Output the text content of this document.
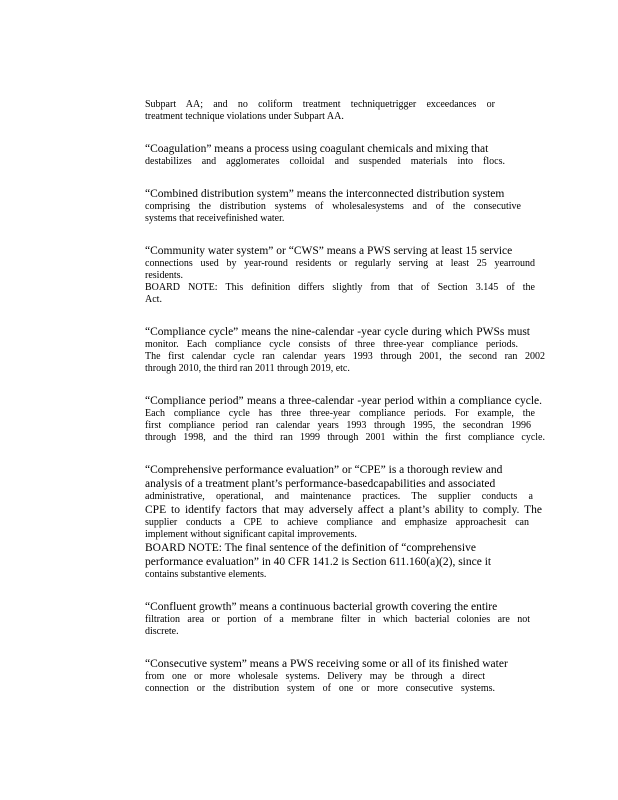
Subpart AA; and no coliform treatment techniquetrigger exceedances or
treatment technique violations under Subpart AA.
“Coagulation” means a process using coagulant chemicals and mixing that
destabilizes and agglomerates colloidal and suspended materials into flocs.
“Combined distribution system” means the interconnected distribution system
comprising the distribution systems of wholesalesystems and of the consecutive
systems that receivefinished water.
“Community water system” or “CWS” means a PWS serving at least 15 service
connections used by year-round residents or regularly serving at least 25 yearround
residents.
BOARD NOTE: This definition differs slightly from that of Section 3.145 of the
Act.
“Compliance cycle” means the nine-calendar -year cycle during which PWSs must
monitor. Each compliance cycle consists of three three-year compliance periods.
The first calendar cycle ran calendar years 1993 through 2001, the second ran 2002
through 2010, the third ran 2011 through 2019, etc.
“Compliance period” means a three-calendar -year period within a compliance cycle.
Each compliance cycle has three three-year compliance periods. For example, the
first compliance period ran calendar years 1993 through 1995, the secondran 1996
through 1998, and the third ran 1999 through 2001 within the first compliance cycle.
“Comprehensive performance evaluation” or “CPE” is a thorough review and
analysis of a treatment plant’s performance-basedcapabilities and associated
administrative, operational, and maintenance practices. The supplier conducts a
CPE to identify factors that may adversely affect a plant’s ability to comply. The
supplier conducts a CPE to achieve compliance and emphasize approachesit can
implement without significant capital improvements.
BOARD NOTE: The final sentence of the definition of “comprehensive
performance evaluation” in 40 CFR 141.2 is Section 611.160(a)(2), since it
contains substantive elements.
“Confluent growth” means a continuous bacterial growth covering the entire
filtration area or portion of a membrane filter in which bacterial colonies are not
discrete.
“Consecutive system” means a PWS receiving some or all of its finished water
from one or more wholesale systems. Delivery may be through a direct
connection or the distribution system of one or more consecutive systems.
